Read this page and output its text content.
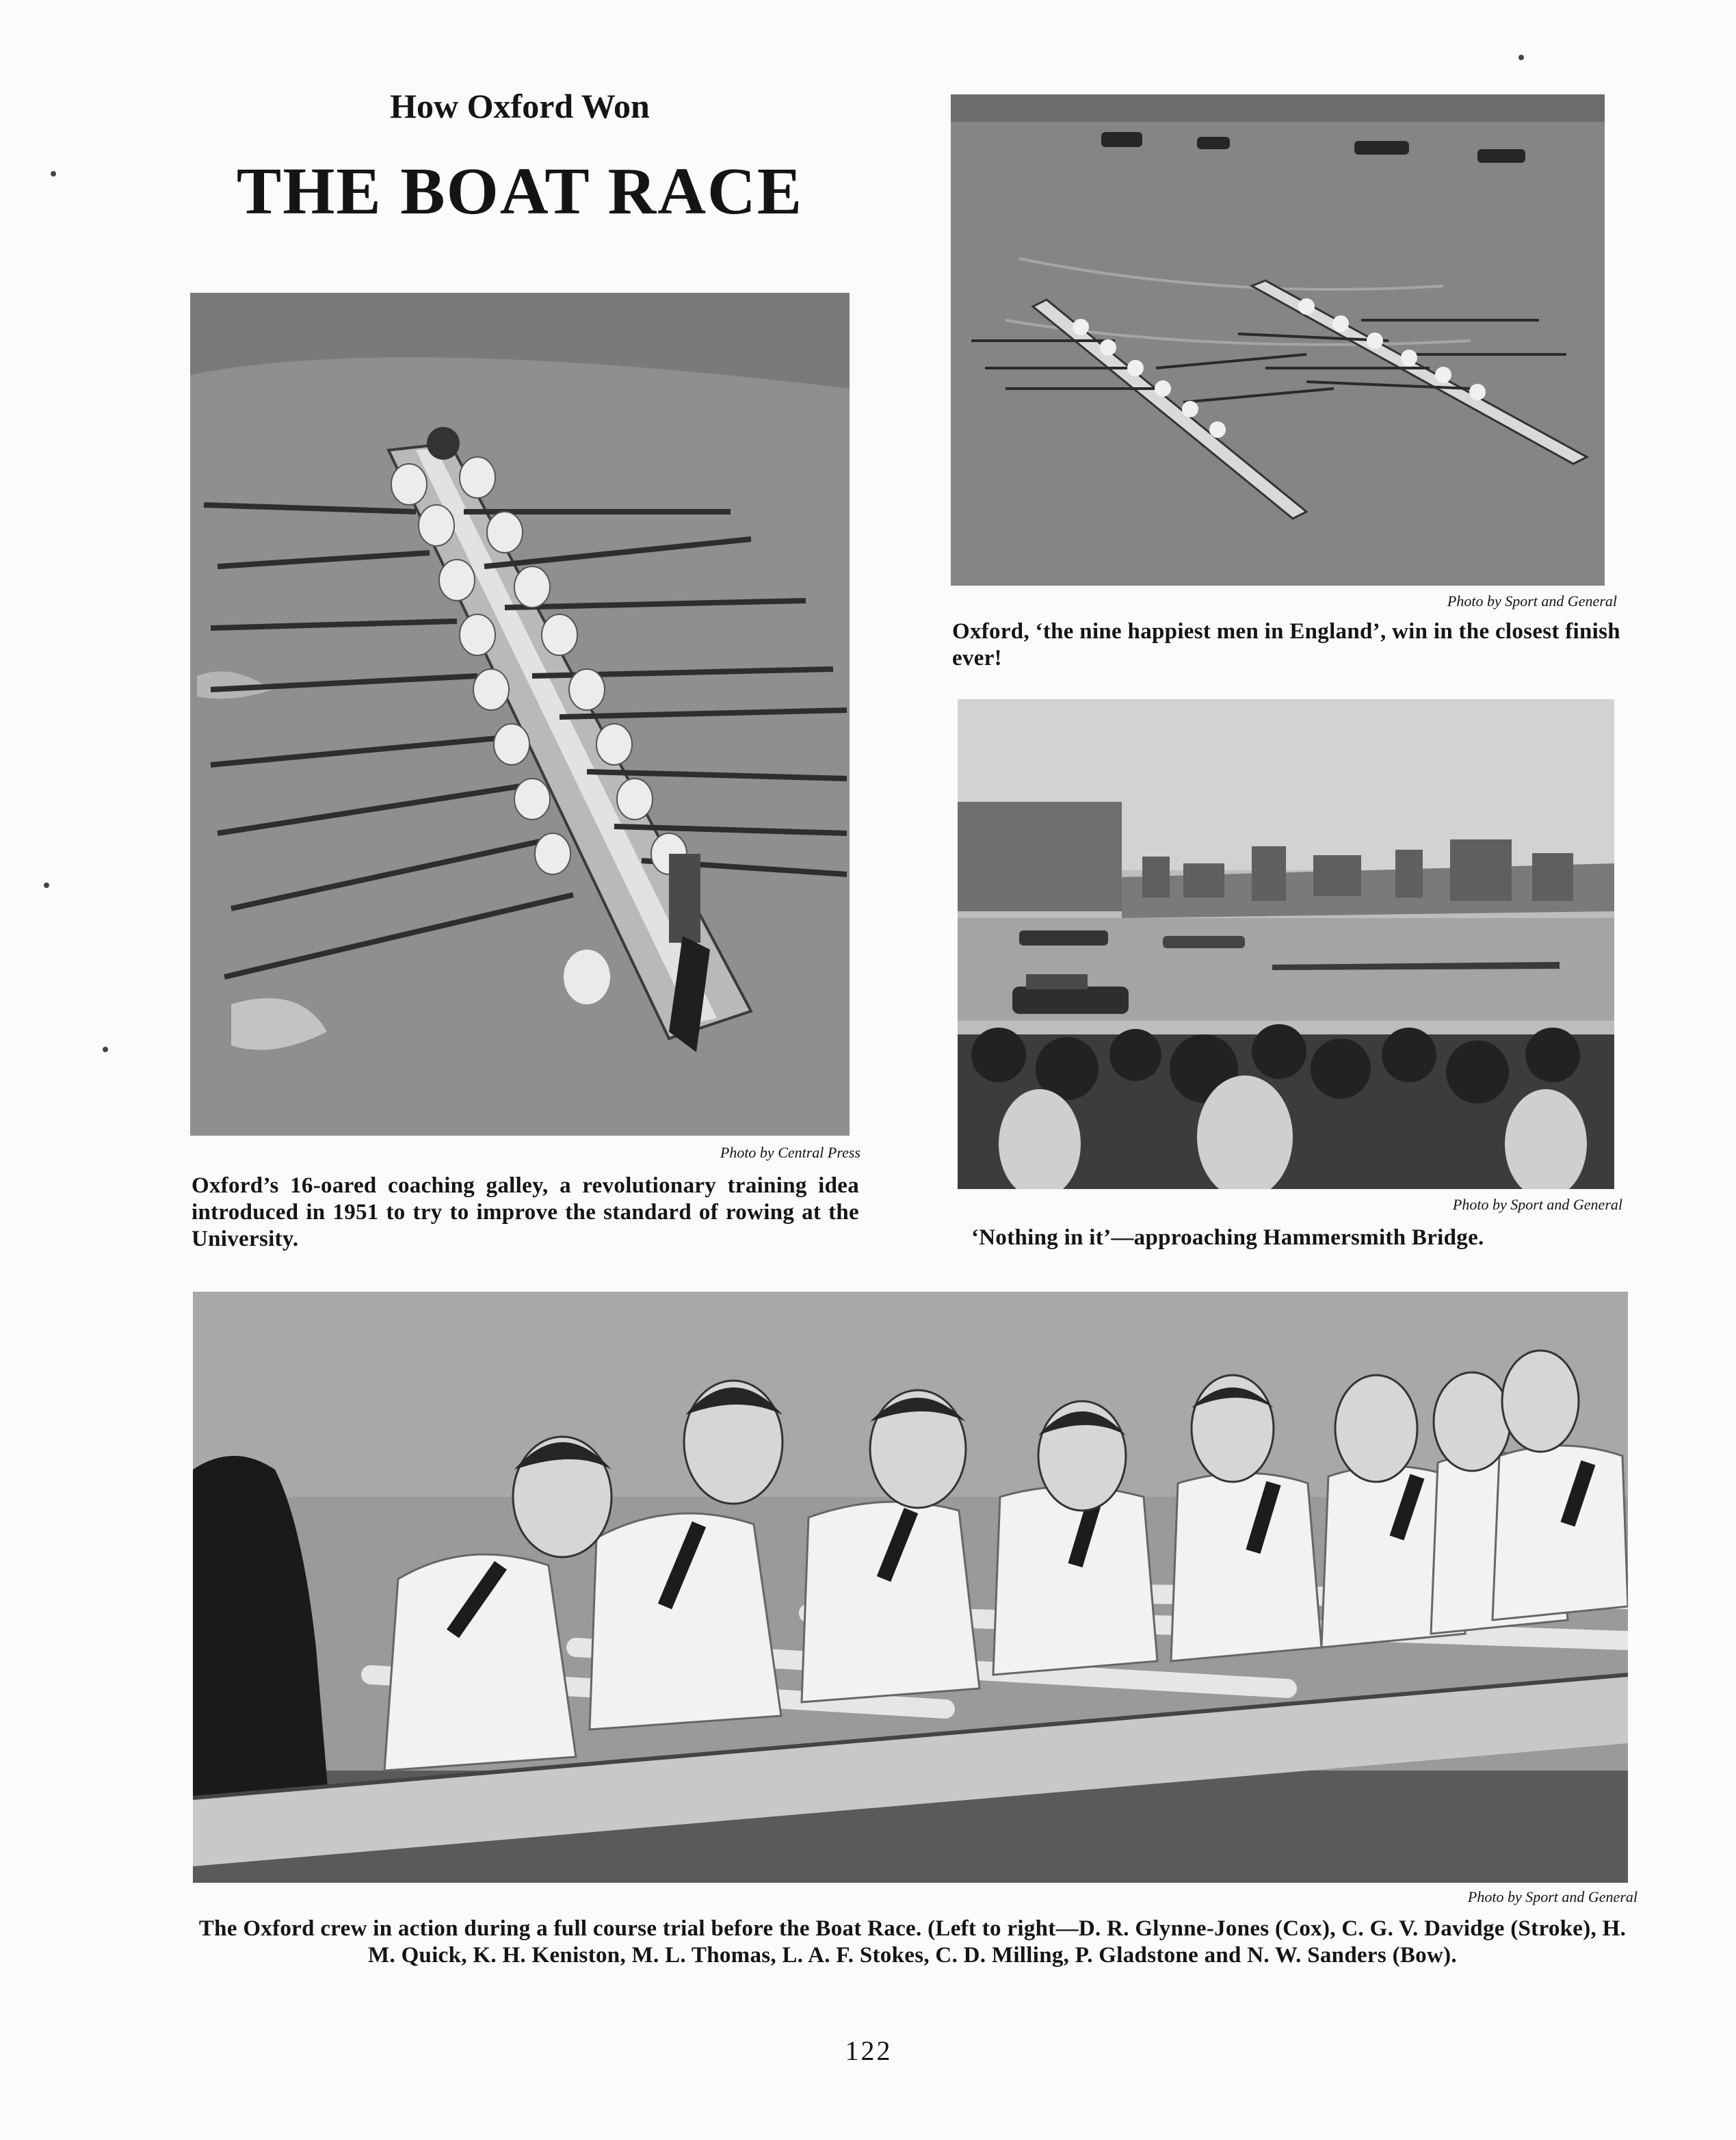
How Oxford Won
THE BOAT RACE
Photo by Central Press
Oxford’s 16-oared coaching galley, a revolutionary training idea introduced in 1951 to try to improve the standard of rowing at the University.
Photo by Sport and General
Oxford, ‘the nine happiest men in England’, win in the closest finish ever!
Photo by Sport and General
‘Nothing in it’—approaching Hammersmith Bridge.
Photo by Sport and General
The Oxford crew in action during a full course trial before the Boat Race. (Left to right—D. R. Glynne-Jones (Cox), C. G. V. Davidge (Stroke), H. M. Quick, K. H. Keniston, M. L. Thomas, L. A. F. Stokes, C. D. Milling, P. Gladstone and N. W. Sanders (Bow).
122
